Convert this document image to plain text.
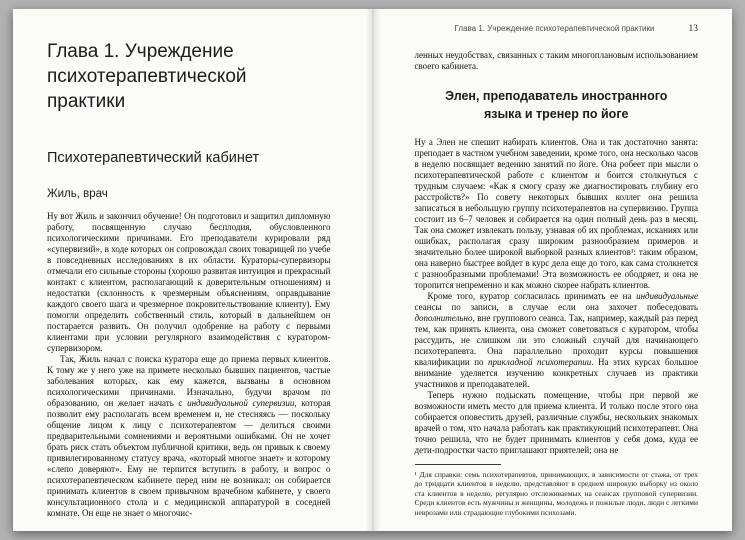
Глава 1. Учреждение психотерапевтической практики
Психотерапевтический кабинет
Жиль, врач

Ну вот Жиль и закончил обучение! Он подготовил и защитил дипломную работу, посвященную случаю бесплодия, обусловленного психологическими причинами. Его преподаватели курировали ряд «супервизий», в ходе которых он сопровождал своих товарищей по учебе в повседневных исследованиях в их области. Кураторы-супервизоры отмечали его сильные стороны (хорошо развитая интуиция и прекрасный контакт с клиентом, располагающий к доверительным отношениям) и недостатки (склонность к чрезмерным объяснениям, оправдывание каждого своего шага и чрезмерное покровительствование клиенту). Ему помогли определить собственный стиль, который в дальнейшем он постарается развить. Он получил одобрение на работу с первыми клиентами при условии регулярного взаимодействия с куратором-супервизором.

Так, Жиль начал с поиска куратора еще до приема первых клиентов. К тому же у него уже на примете несколько бывших пациентов, частые заболевания которых, как ему кажется, вызваны в основном психологическими причинами. Изначально, будучи врачом по образованию, он желает начать с индивидуальной супервизии, которая позволит ему располагать всем временем и, не стесняясь — поскольку общение лицом к лицу с психотерапевтом — делиться своими предварительными сомнениями и вероятными ошибками. Он не хочет брать риск стать объектом публичной критики, ведь он привык к своему привилегированному статусу врача, «который многое знает» и которому «слепо доверяют». Ему не терпится вступить в работу, и вопрос о психотерапевтическом кабинете перед ним не возникал: он собирается принимать клиентов в своем привычном врачебном кабинете, у своего консультационного стола и с медицинской аппаратурой в соседней комнате. Он еще не знает о многочис-

Глава 1. Учреждение психотерапевтической практики	13

ленных неудобствах, связанных с таким многоплановым использованием своего кабинета.

Элен, преподаватель иностранного языка и тренер по йоге

Ну а Элен не спешит набирать клиентов. Она и так достаточно занята: преподает в частном учебном заведении, кроме того, она несколько часов в неделю посвящает ведению занятий по йоге. Она робеет при мысли о психотерапевтической работе с клиентом и боится столкнуться с трудным случаем: «Как я смогу сразу же диагностировать глубину его расстройств?» По совету некоторых бывших коллег она решила записаться в небольшую группу психотерапевтов на супервизию. Группа состоит из 6–7 человек и собирается на один полный день раз в месяц. Так она сможет извлекать пользу, узнавая об их проблемах, исканиях или ошибках, располагая сразу широким разнообразием примеров и значительно более широкой выборкой разных клиентов¹: таким образом, она наверно быстрее войдет в курс дела еще до того, как сама столкнется с разнообразными проблемами! Эта возможность ее ободряет, и она не торопится непременно и как можно скорее набрать клиентов.

Кроме того, куратор согласилась принимать ее на индивидуальные сеансы по записи, в случае если она захочет побеседовать дополнительно, вне группового сеанса. Так, например, каждый раз перед тем, как принять клиента, она сможет советоваться с куратором, чтобы рассудить, не слишком ли это сложный случай для начинающего психотерапевта. Она параллельно проходит курсы повышения квалификации по прикладной психотерапии. На этих курсах большое внимание уделяется изучению конкретных случаев из практики участников и преподавателей.

Теперь нужно подыскать помещение, чтобы при первой же возможности иметь место для приема клиента. И только после этого она собирается оповестить друзей, различные службы, нескольких знакомых врачей о том, что начала работать как практикующий психотерапевт. Она точно решила, что не будет принимать клиентов у себя дома, куда ее дети-подростки часто приглашают приятелей; она не

¹ Для справки: семь психотерапевтов, принимающих, в зависимости от стажа, от трех до тридцати клиентов в неделю, представляют в среднем широкую выборку из около ста клиентов в неделю, регулярно отслеживаемых на сеансах групповой супервизии. Среди клиентов есть мужчины и женщины, молодежь и пожилые люди, люди с легкими неврозами или страдающие глубокими психозами.
